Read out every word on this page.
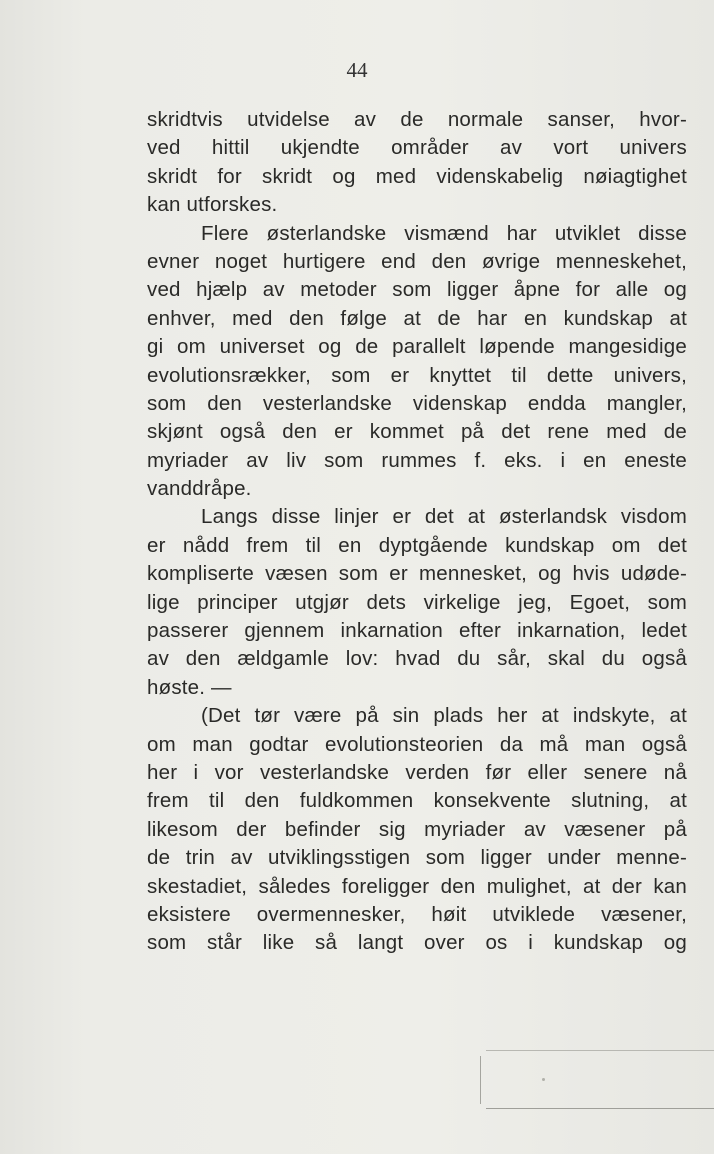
44
skridtvis utvidelse av de normale sanser, hvor-
ved hittil ukjendte områder av vort univers
skridt for skridt og med videnskabelig nøiagtighet
kan utforskes.
Flere østerlandske vismænd har utviklet disse
evner noget hurtigere end den øvrige menneskehet,
ved hjælp av metoder som ligger åpne for alle og
enhver, med den følge at de har en kundskap at
gi om universet og de parallelt løpende mangesidige
evolutionsrækker, som er knyttet til dette univers,
som den vesterlandske videnskap endda mangler,
skjønt også den er kommet på det rene med de
myriader av liv som rummes f. eks. i en eneste
vanddråpe.
Langs disse linjer er det at østerlandsk visdom
er nådd frem til en dyptgående kundskap om det
kompliserte væsen som er mennesket, og hvis udøde-
lige principer utgjør dets virkelige jeg, Egoet, som
passerer gjennem inkarnation efter inkarnation, ledet
av den ældgamle lov: hvad du sår, skal du også
høste. —
(Det tør være på sin plads her at indskyte, at
om man godtar evolutionsteorien da må man også
her i vor vesterlandske verden før eller senere nå
frem til den fuldkommen konsekvente slutning, at
likesom der befinder sig myriader av væsener på
de trin av utviklingsstigen som ligger under menne-
skestadiet, således foreligger den mulighet, at der kan
eksistere overmennesker, høit utviklede væsener,
som står like så langt over os i kundskap og
